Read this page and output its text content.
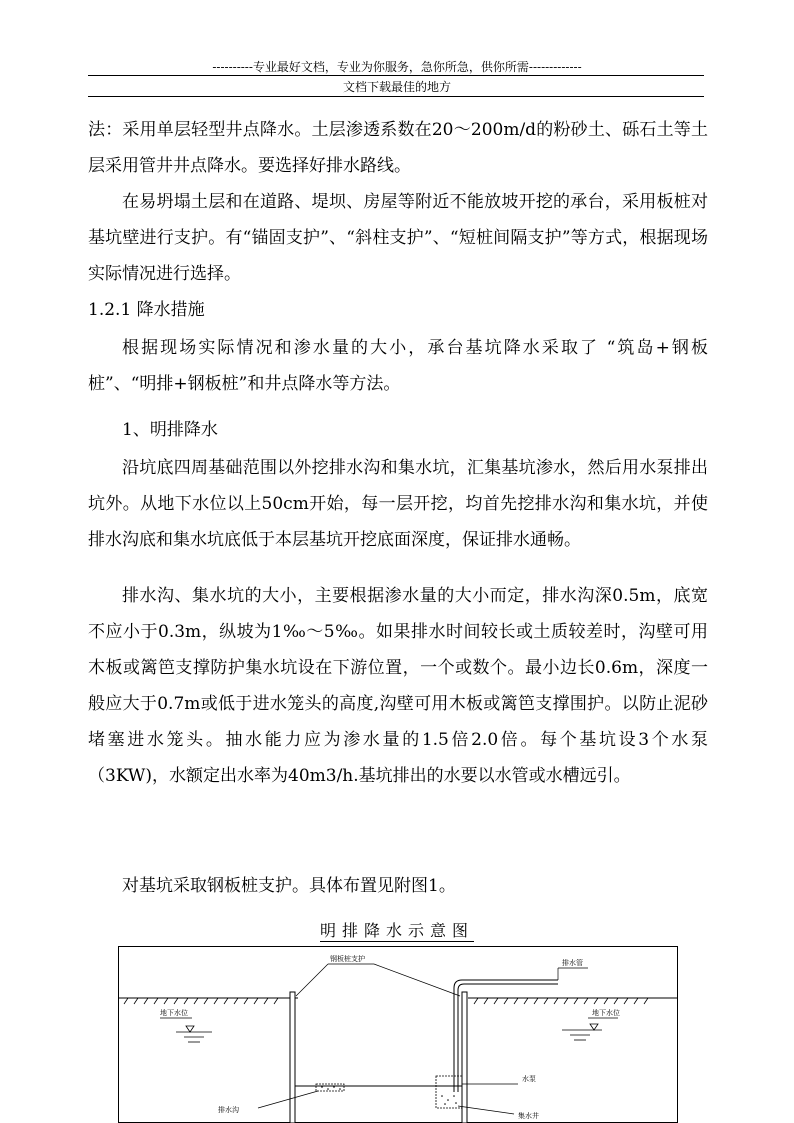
----------专业最好文档，专业为你服务，急你所急，供你所需-------------
文档下载最佳的地方

法：采用单层轻型井点降水。土层渗透系数在20～200m/d的粉砂土、砾石土等土层采用管井井点降水。要选择好排水路线。

在易坍塌土层和在道路、堤坝、房屋等附近不能放坡开挖的承台，采用板桩对基坑壁进行支护。有“锚固支护”、“斜柱支护”、“短桩间隔支护”等方式，根据现场实际情况进行选择。

1.2.1 降水措施

根据现场实际情况和渗水量的大小，承台基坑降水采取了 “筑岛+钢板桩”、“明排+钢板桩”和井点降水等方法。

1、明排降水

沿坑底四周基础范围以外挖排水沟和集水坑，汇集基坑渗水，然后用水泵排出坑外。从地下水位以上50cm开始，每一层开挖，均首先挖排水沟和集水坑，并使排水沟底和集水坑底低于本层基坑开挖底面深度，保证排水通畅。

排水沟、集水坑的大小，主要根据渗水量的大小而定，排水沟深0.5m，底宽不应小于0.3m，纵坡为1‰～5‰。如果排水时间较长或土质较差时，沟壁可用木板或篱笆支撑防护集水坑设在下游位置，一个或数个。最小边长0.6m，深度一般应大于0.7m或低于进水笼头的高度,沟壁可用木板或篱笆支撑围护。以防止泥砂堵塞进水笼头。抽水能力应为渗水量的1.5倍2.0倍。每个基坑设3个水泵（3KW)，水额定出水率为40m3/h.基坑排出的水要以水管或水槽远引。

对基坑采取钢板桩支护。具体布置见附图1。

明排降水示意图
钢板桩支护	排水管
地下水位	地下水位
水泵
排水沟
集水井
